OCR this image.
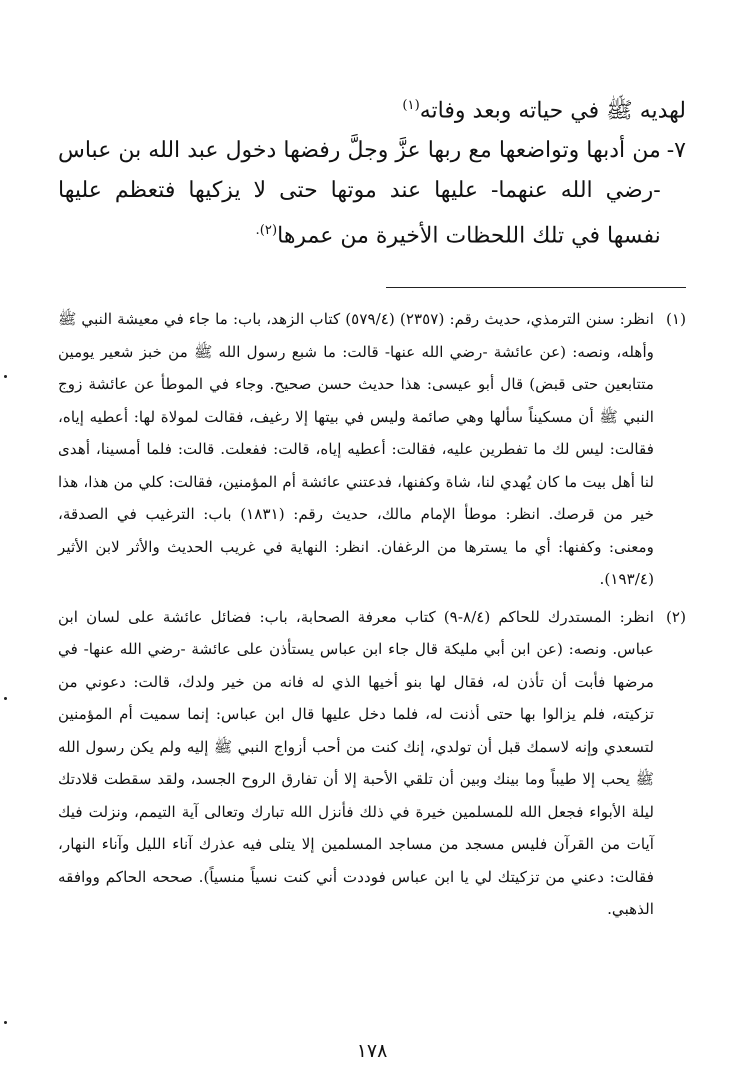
لهديه ﷺ في حياته وبعد وفاته$^{(١)}$

٧-
من أدبها وتواضعها مع ربها عزَّ وجلَّ رفضها دخول عبد الله بن عباس -رضي الله عنهما- عليها عند موتها حتى لا يزكيها فتعظم عليها نفسها في تلك اللحظات الأخيرة من عمرها$^{(٢).}$
(١)
انظر: سنن الترمذي، حديث رقم: (٢٣٥٧) (٥٧٩/٤) كتاب الزهد، باب: ما جاء في معيشة النبي ﷺ وأهله، ونصه: (عن عائشة -رضي الله عنها- قالت: ما شبع رسول الله ﷺ من خبز شعير يومين متتابعين حتى قبض) قال أبو عيسى: هذا حديث حسن صحيح. وجاء في الموطأ عن عائشة زوج النبي ﷺ أن مسكيناً سألها وهي صائمة وليس في بيتها إلا رغيف، فقالت لمولاة لها: أعطيه إياه، فقالت: ليس لك ما تفطرين عليه، فقالت: أعطيه إياه، قالت: ففعلت. قالت: فلما أمسينا، أهدى لنا أهل بيت ما كان يُهدي لنا، شاة وكفنها، فدعتني عائشة أم المؤمنين، فقالت: كلي من هذا، هذا خير من قرصك. انظر: موطأ الإمام مالك، حديث رقم: (١٨٣١) باب: الترغيب في الصدقة، ومعنى: وكفنها: أي ما يسترها من الرغفان. انظر: النهاية في غريب الحديث والأثر لابن الأثير (١٩٣/٤).
(٢)
انظر: المستدرك للحاكم (٨/٤-٩) كتاب معرفة الصحابة، باب: فضائل عائشة على لسان ابن عباس. ونصه: (عن ابن أبي مليكة قال جاء ابن عباس يستأذن على عائشة -رضي الله عنها- في مرضها فأبت أن تأذن له، فقال لها بنو أخيها الذي له فانه من خير ولدك، قالت: دعوني من تزكيته، فلم يزالوا بها حتى أذنت له، فلما دخل عليها قال ابن عباس: إنما سميت أم المؤمنين لتسعدي وإنه لاسمك قبل أن تولدي، إنك كنت من أحب أزواج النبي ﷺ إليه ولم يكن رسول الله ﷺ يحب إلا طيباً وما بينك وبين أن تلقي الأحبة إلا أن تفارق الروح الجسد، ولقد سقطت قلادتك ليلة الأبواء فجعل الله للمسلمين خيرة في ذلك فأنزل الله تبارك وتعالى آية التيمم، ونزلت فيك آيات من القرآن فليس مسجد من مساجد المسلمين إلا يتلى فيه عذرك آناء الليل وآناء النهار، فقالت: دعني من تزكيتك لي يا ابن عباس فوددت أني كنت نسياً منسياً). صححه الحاكم ووافقه الذهبي.
١٧٨
